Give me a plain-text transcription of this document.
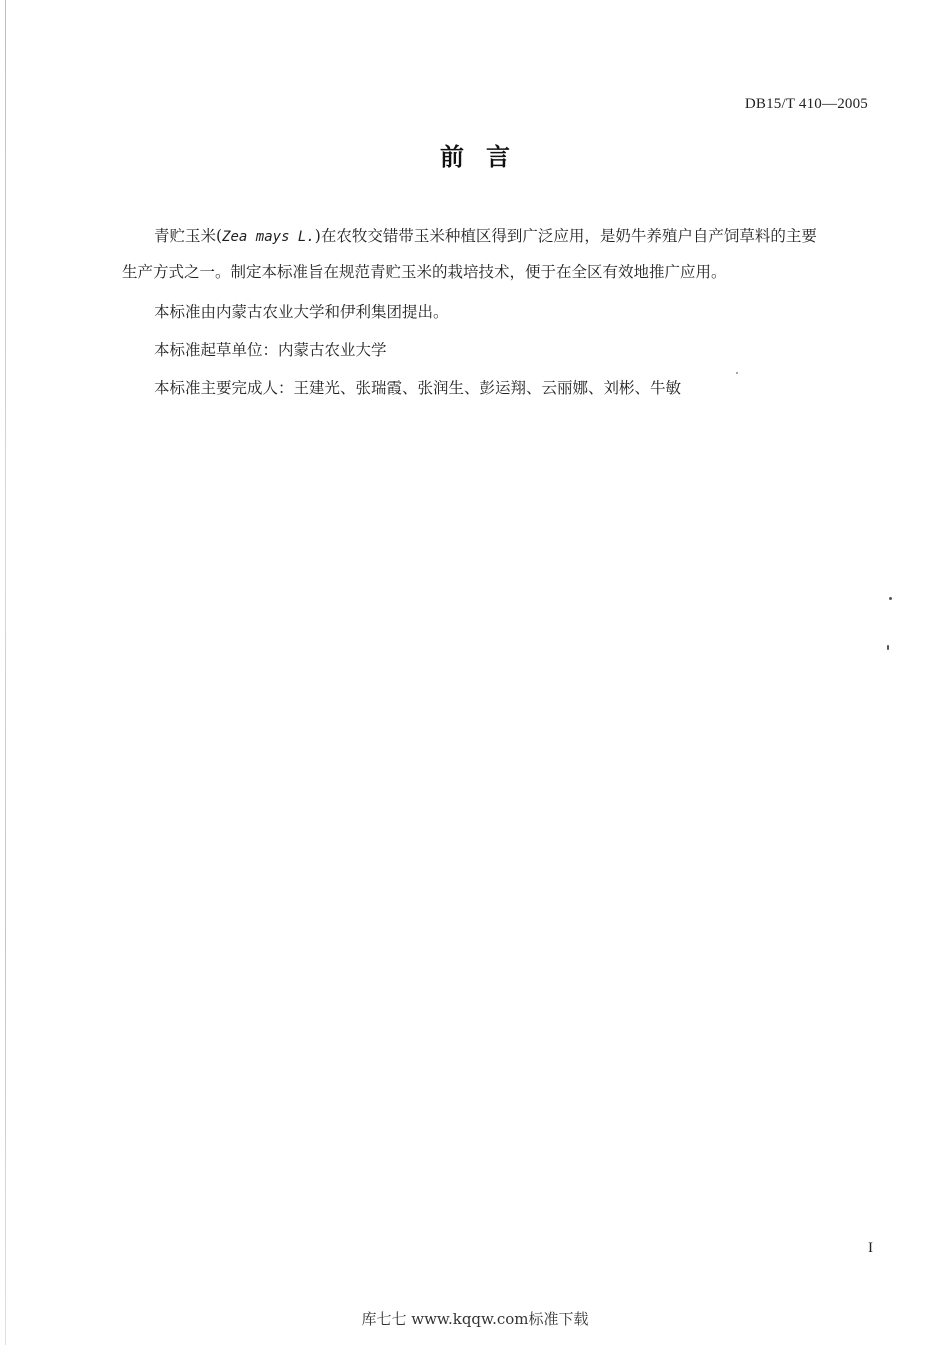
DB15/T 410—2005
前言
青贮玉米(Zea mays L.)在农牧交错带玉米种植区得到广泛应用，是奶牛养殖户自产饲草料的主要
生产方式之一。制定本标准旨在规范青贮玉米的栽培技术，便于在全区有效地推广应用。
本标准由内蒙古农业大学和伊利集团提出。
本标准起草单位：内蒙古农业大学
本标准主要完成人：王建光、张瑞霞、张润生、彭运翔、云丽娜、刘彬、牛敏
I
库七七 www.kqqw.com标准下载
